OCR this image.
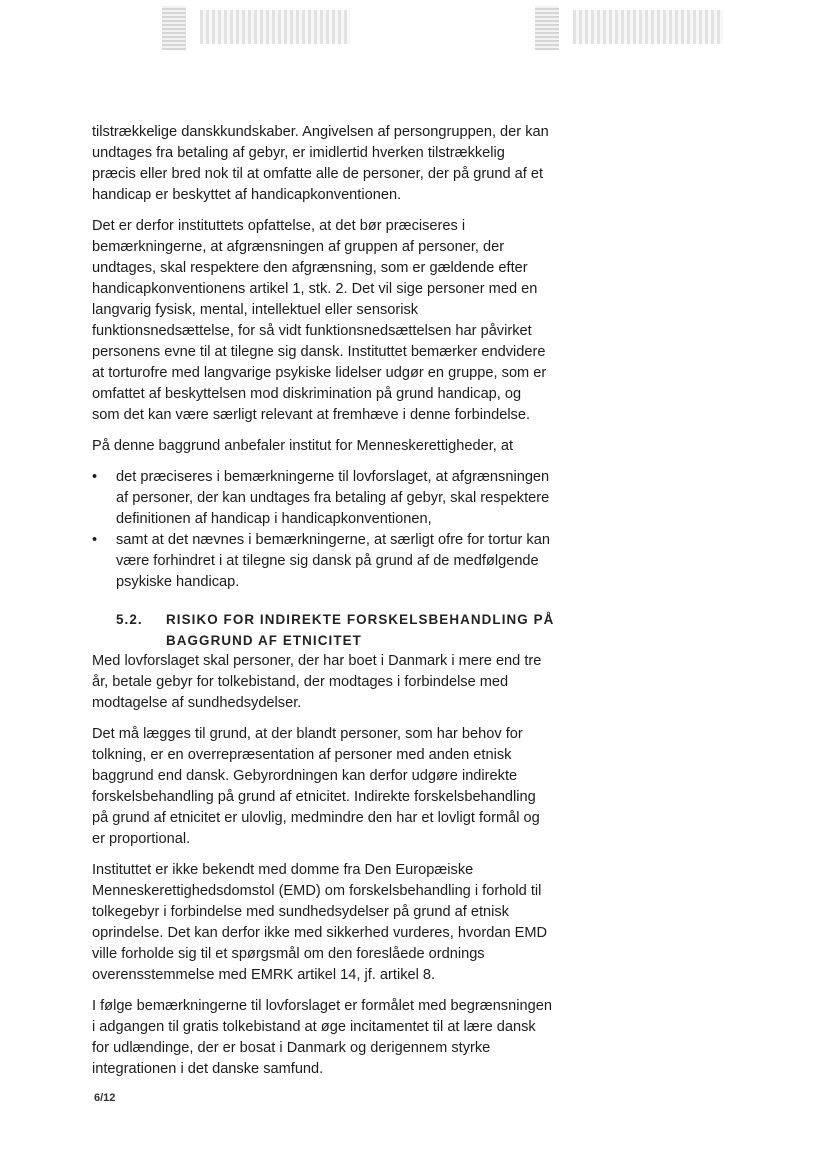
tilstrækkelige danskkundskaber. Angivelsen af persongruppen, der kan
undtages fra betaling af gebyr, er imidlertid hverken tilstrækkelig
præcis eller bred nok til at omfatte alle de personer, der på grund af et
handicap er beskyttet af handicapkonventionen.

Det er derfor instituttets opfattelse, at det bør præciseres i
bemærkningerne, at afgrænsningen af gruppen af personer, der
undtages, skal respektere den afgrænsning, som er gældende efter
handicapkonventionens artikel 1, stk. 2. Det vil sige personer med en
langvarig fysisk, mental, intellektuel eller sensorisk
funktionsnedsættelse, for så vidt funktionsnedsættelsen har påvirket
personens evne til at tilegne sig dansk. Instituttet bemærker endvidere
at torturofre med langvarige psykiske lidelser udgør en gruppe, som er
omfattet af beskyttelsen mod diskrimination på grund handicap, og
som det kan være særligt relevant at fremhæve i denne forbindelse.

På denne baggrund anbefaler institut for Menneskerettigheder, at

• det præciseres i bemærkningerne til lovforslaget, at afgrænsningen
af personer, der kan undtages fra betaling af gebyr, skal respektere
definitionen af handicap i handicapkonventionen,
• samt at det nævnes i bemærkningerne, at særligt ofre for tortur kan
være forhindret i at tilegne sig dansk på grund af de medfølgende
psykiske handicap.
5.2.	RISIKO FOR INDIREKTE FORSKELSBEHANDLING PÅ
BAGGRUND AF ETNICITET

Med lovforslaget skal personer, der har boet i Danmark i mere end tre
år, betale gebyr for tolkebistand, der modtages i forbindelse med
modtagelse af sundhedsydelser.

Det må lægges til grund, at der blandt personer, som har behov for
tolkning, er en overrepræsentation af personer med anden etnisk
baggrund end dansk. Gebyrordningen kan derfor udgøre indirekte
forskelsbehandling på grund af etnicitet. Indirekte forskelsbehandling
på grund af etnicitet er ulovlig, medmindre den har et lovligt formål og
er proportional.

Instituttet er ikke bekendt med domme fra Den Europæiske
Menneskerettighedsdomstol (EMD) om forskelsbehandling i forhold til
tolkegebyr i forbindelse med sundhedsydelser på grund af etnisk
oprindelse. Det kan derfor ikke med sikkerhed vurderes, hvordan EMD
ville forholde sig til et spørgsmål om den foreslåede ordnings
overensstemmelse med EMRK artikel 14, jf. artikel 8.

I følge bemærkningerne til lovforslaget er formålet med begrænsningen
i adgangen til gratis tolkebistand at øge incitamentet til at lære dansk
for udlændinge, der er bosat i Danmark og derigennem styrke
integrationen i det danske samfund.

6/12
